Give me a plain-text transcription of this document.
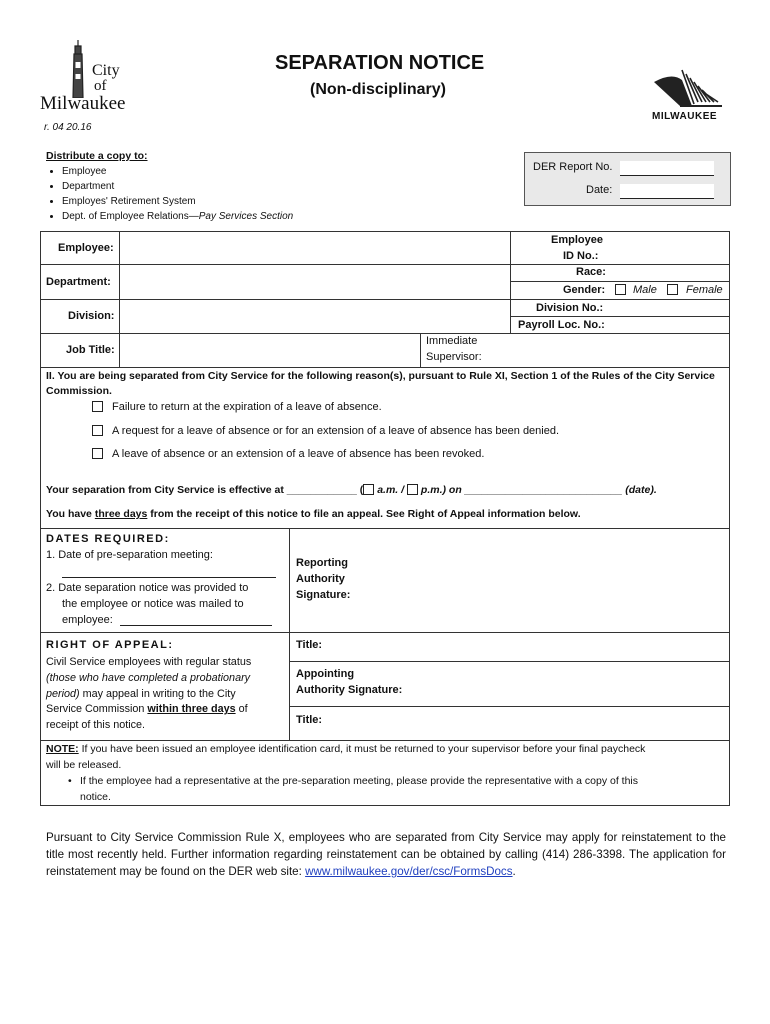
City
of
Milwaukee
r. 04 20.16
SEPARATION NOTICE
(Non-disciplinary)
MILWAUKEE
Distribute a copy to:
• Employee
• Department
• Employes' Retirement System
• Dept. of Employee Relations—Pay Services Section
DER Report No.
Date:
Employee:
Department:
Division:
Job Title:
Immediate
Supervisor:
Employee
ID No.:
Race:
Gender:	Male	Female
Division No.:
Payroll Loc. No.:
II. You are being separated from City Service for the following reason(s), pursuant to Rule XI, Section 1 of the Rules of the City Service Commission.
Failure to return at the expiration of a leave of absence.
A request for a leave of absence or for an extension of a leave of absence has been denied.
A leave of absence or an extension of a leave of absence has been revoked.
Your separation from City Service is effective at ____________ ( a.m. / p.m.) on ___________________________ (date).
You have three days from the receipt of this notice to file an appeal. See Right of Appeal information below.
DATES REQUIRED:
1. Date of pre-separation meeting:
2. Date separation notice was provided to
the employee or notice was mailed to
employee:
Reporting
Authority
Signature:
Title:
Appointing
Authority Signature:
Title:
RIGHT OF APPEAL:
Civil Service employees with regular status
(those who have completed a probationary
period) may appeal in writing to the City
Service Commission within three days of
receipt of this notice.
NOTE: If you have been issued an employee identification card, it must be returned to your supervisor before your final paycheck
will be released.
• If the employee had a representative at the pre-separation meeting, please provide the representative with a copy of this
notice.
Pursuant to City Service Commission Rule X, employees who are separated from City Service may apply for reinstatement to the title most recently held. Further information regarding reinstatement can be obtained by calling (414) 286-3398. The application for reinstatement may be found on the DER web site: www.milwaukee.gov/der/csc/FormsDocs.
